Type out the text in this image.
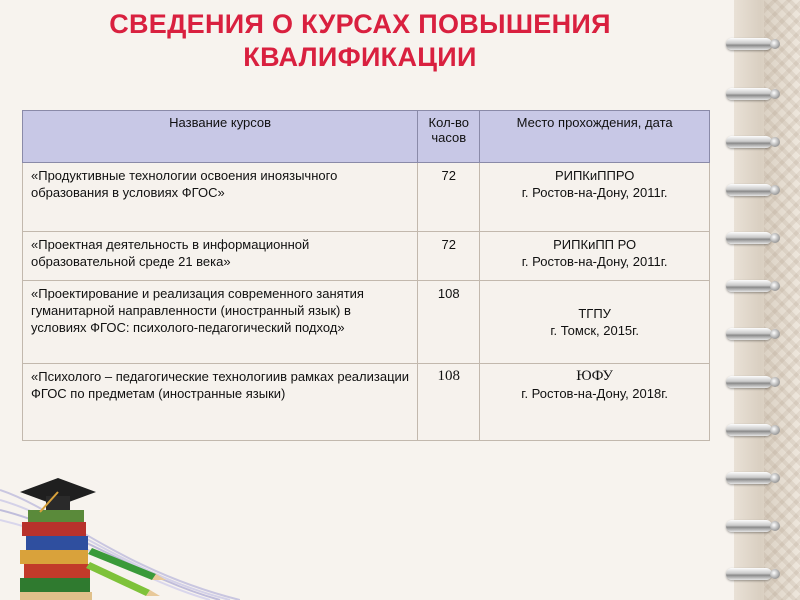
СВЕДЕНИЯ О КУРСАХ ПОВЫШЕНИЯ КВАЛИФИКАЦИИ
Название курсов	Кол-во часов	Место прохождения, дата
«Продуктивные технологии освоения иноязычного образования в условиях ФГОС»	72	РИПКиППРО
г. Ростов-на-Дону, 2011г.

«Проектная деятельность в информационной образовательной среде 21 века»	72	РИПКиПП РО
г. Ростов-на-Дону, 2011г.

«Проектирование и реализация современного занятия гуманитарной направленности (иностранный язык) в условиях ФГОС: психолого-педагогический подход»	108	ТГПУ
г. Томск, 2015г.

«Психолого – педагогические технологиив рамках реализации ФГОС по предметам (иностранные языки)	108	ЮФУ
г. Ростов-на-Дону, 2018г.
